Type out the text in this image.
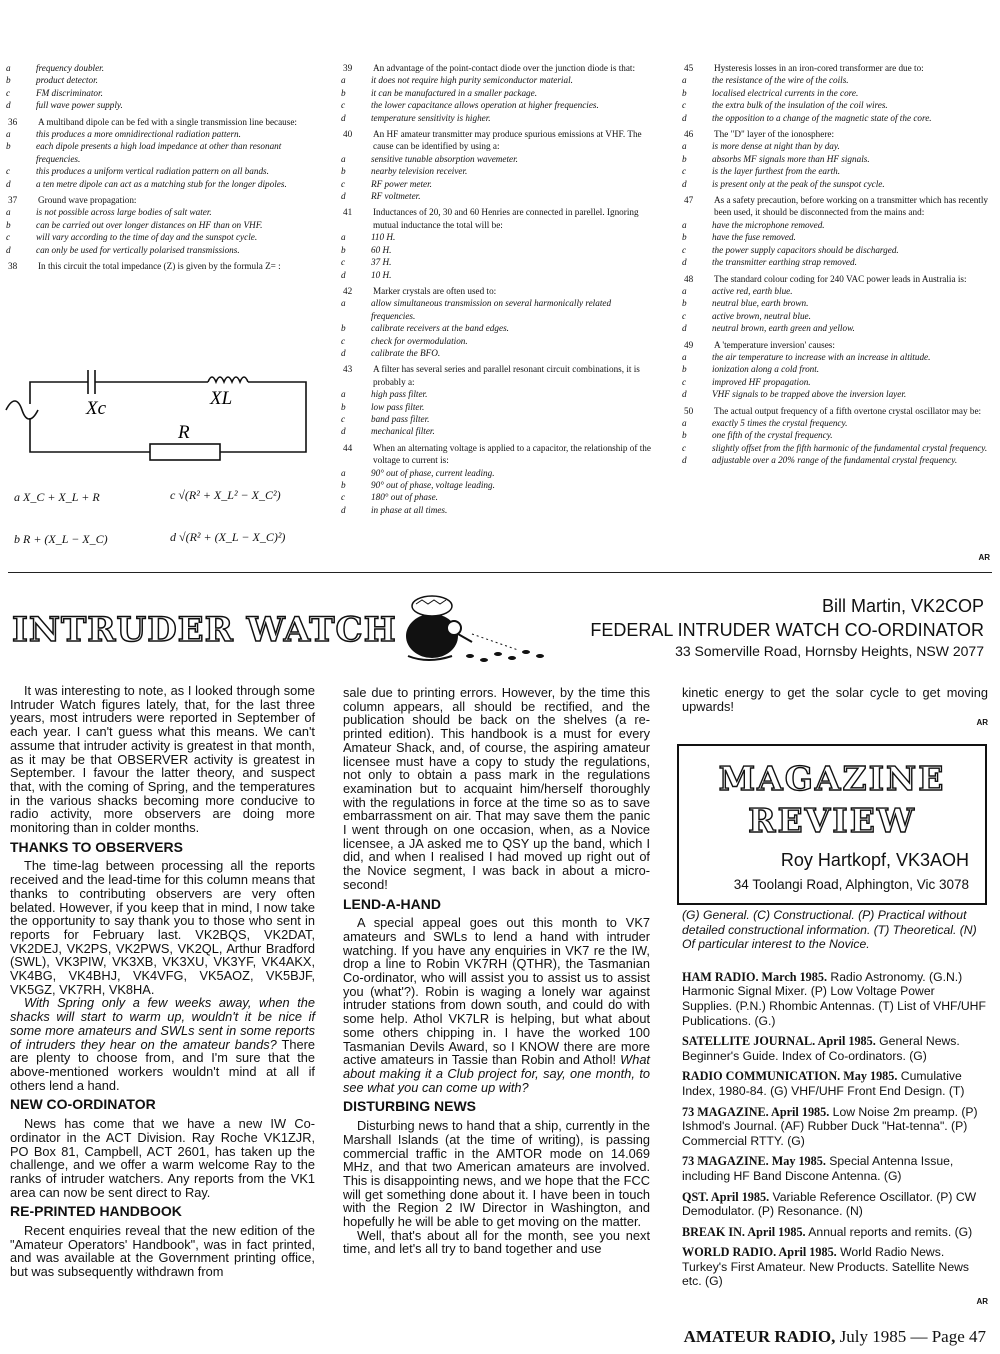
a	frequency doubler.
b	product detector.
c	FM discriminator.
d	full wave power supply.
36	A multiband dipole can be fed with a single transmission line because:
a	this produces a more omnidirectional radiation pattern.
b	each dipole presents a high load impedance at other than resonant frequencies.
c	this produces a uniform vertical radiation pattern on all bands.
d	a ten metre dipole can act as a matching stub for the longer dipoles.
37	Ground wave propagation:
a	is not possible across large bodies of salt water.
b	can be carried out over longer distances on HF than on VHF.
c	will vary according to the time of day and the sunspot cycle.
d	can only be used for vertically polarised transmissions.
38	In this circuit the total impedance (Z) is given by the formula Z= :
39	An advantage of the point-contact diode over the junction diode is that:
a	it does not require high purity semiconductor material.
b	it can be manufactured in a smaller package.
c	the lower capacitance allows operation at higher frequencies.
d	temperature sensitivity is higher.
40	An HF amateur transmitter may produce spurious emissions at VHF. The cause can be identified by using a:
a	sensitive tunable absorption wavemeter.
b	nearby television receiver.
c	RF power meter.
d	RF voltmeter.
41	Inductances of 20, 30 and 60 Henries are connected in parellel. Ignoring mutual inductance the total will be:
a	110 H.
b	60 H.
c	37 H.
d	10 H.
42	Marker crystals are often used to:
a	allow simultaneous transmission on several harmonically related frequencies.
b	calibrate receivers at the band edges.
c	check for overmodulation.
d	calibrate the BFO.
43	A filter has several series and parallel resonant circuit combinations, it is probably a:
a	high pass filter.
b	low pass filter.
c	band pass filter.
d	mechanical filter.
44	When an alternating voltage is applied to a capacitor, the relationship of the voltage to current is:
a	90° out of phase, current leading.
b	90° out of phase, voltage leading.
c	180° out of phase.
d	in phase at all times.
45	Hysteresis losses in an iron-cored transformer are due to:
a	the resistance of the wire of the coils.
b	localised electrical currents in the core.
c	the extra bulk of the insulation of the coil wires.
d	the opposition to a change of the magnetic state of the core.
46	The "D" layer of the ionosphere:
a	is more dense at night than by day.
b	absorbs MF signals more than HF signals.
c	is the layer furthest from the earth.
d	is present only at the peak of the sunspot cycle.
47	As a safety precaution, before working on a transmitter which has recently been used, it should be disconnected from the mains and:
a	have the microphone removed.
b	have the fuse removed.
c	the power supply capacitors should be discharged.
d	the transmitter earthing strap removed.
48	The standard colour coding for 240 VAC power leads in Australia is:
a	active red, earth blue.
b	neutral blue, earth brown.
c	active brown, neutral blue.
d	neutral brown, earth green and yellow.
49	A 'temperature inversion' causes:
a	the air temperature to increase with an increase in altitude.
b	ionization along a cold front.
c	improved HF propagation.
d	VHF signals to be trapped above the inversion layer.
50	The actual output frequency of a fifth overtone crystal oscillator may be:
a	exactly 5 times the crystal frequency.
b	one fifth of the crystal frequency.
c	slightly offset from the fifth harmonic of the fundamental crystal frequency.
d	adjustable over a 20% range of the fundamental crystal frequency.
AR
Xc	XL
R
a X_C + X_L + R	c √(R² + X_L² − X_C²)
b R + (X_L − X_C)	d √(R² + (X_L − X_C)²)
INTRUDER WATCH
Bill Martin, VK2COP
FEDERAL INTRUDER WATCH CO-ORDINATOR
33 Somerville Road, Hornsby Heights, NSW 2077

It was interesting to note, as I looked through some Intruder Watch figures lately, that, for the last three years, most intruders were reported in September of each year. I can't guess what this means. We can't assume that intruder activity is greatest in that month, as it may be that OBSERVER activity is greatest in September. I favour the latter theory, and suspect that, with the coming of Spring, and the temperatures in the various shacks becoming more conducive to radio activity, more observers are doing more monitoring than in colder months.

THANKS TO OBSERVERS

The time-lag between processing all the reports received and the lead-time for this column means that thanks to contributing observers are very often belated. However, if you keep that in mind, I now take the opportunity to say thank you to those who sent in reports for February last. VK2BQS, VK2DAT, VK2DEJ, VK2PS, VK2PWS, VK2QL, Arthur Bradford (SWL), VK3PIW, VK3XB, VK3XU, VK3YF, VK4AKX, VK4BG, VK4BHJ, VK4VFG, VK5AOZ, VK5BJF, VK5GZ, VK7RH, VK8HA.

With Spring only a few weeks away, when the shacks will start to warm up, wouldn't it be nice if some more amateurs and SWLs sent in some reports of intruders they hear on the amateur bands? There are plenty to choose from, and I'm sure that the above-mentioned workers wouldn't mind at all if others lend a hand.

NEW CO-ORDINATOR

News has come that we have a new IW Co-ordinator in the ACT Division. Ray Roche VK1ZJR, PO Box 81, Campbell, ACT 2601, has taken up the challenge, and we offer a warm welcome Ray to the ranks of intruder watchers. Any reports from the VK1 area can now be sent direct to Ray.

RE-PRINTED HANDBOOK

Recent enquiries reveal that the new edition of the "Amateur Operators' Handbook", was in fact printed, and was available at the Government printing office, but was subsequently withdrawn from

sale due to printing errors. However, by the time this column appears, all should be rectified, and the publication should be back on the shelves (a re-printed edition). This handbook is a must for every Amateur Shack, and, of course, the aspiring amateur licensee must have a copy to study the regulations, not only to obtain a pass mark in the regulations examination but to acquaint him/herself thoroughly with the regulations in force at the time so as to save embarrassment on air. That may save them the panic I went through on one occasion, when, as a Novice licensee, a JA asked me to QSY up the band, which I did, and when I realised I had moved up right out of the Novice segment, I was back in about a micro-second!

LEND-A-HAND

A special appeal goes out this month to VK7 amateurs and SWLs to lend a hand with intruder watching. If you have any enquiries in VK7 re the IW, drop a line to Robin VK7RH (QTHR), the Tasmanian Co-ordinator, who will assist you to assist us to assist you (what'?). Robin is waging a lonely war against intruder stations from down south, and could do with some help. Athol VK7LR is helping, but what about some others chipping in. I have the worked 100 Tasmanian Devils Award, so I KNOW there are more active amateurs in Tassie than Robin and Athol! What about making it a Club project for, say, one month, to see what you can come up with?

DISTURBING NEWS

Disturbing news to hand that a ship, currently in the Marshall Islands (at the time of writing), is passing commercial traffic in the AMTOR mode on 14.069 MHz, and that two American amateurs are involved. This is disappointing news, and we hope that the FCC will get something done about it. I have been in touch with the Region 2 IW Director in Washington, and hopefully he will be able to get moving on the matter.

Well, that's about all for the month, see you next time, and let's all try to band together and use

kinetic energy to get the solar cycle to get moving upwards!

AR
MAGAZINE
REVIEW
Roy Hartkopf, VK3AOH
34 Toolangi Road, Alphington, Vic 3078
(G) General. (C) Constructional. (P) Practical without detailed constructional information. (T) Theoretical. (N) Of particular interest to the Novice.
HAM RADIO. March 1985. Radio Astronomy. (G.N.) Harmonic Signal Mixer. (P) Low Voltage Power Supplies. (P.N.) Rhombic Antennas. (T) List of VHF/UHF Publications. (G.)
SATELLITE JOURNAL. April 1985. General News. Beginner's Guide. Index of Co-ordinators. (G)
RADIO COMMUNICATION. May 1985. Cumulative Index, 1980-84. (G) VHF/UHF Front End Design. (T)
73 MAGAZINE. April 1985. Low Noise 2m preamp. (P) Ishmod's Journal. (AF) Rubber Duck "Hat-tenna". (P) Commercial RTTY. (G)
73 MAGAZINE. May 1985. Special Antenna Issue, including HF Band Discone Antenna. (G)
QST. April 1985. Variable Reference Oscillator. (P) CW Demodulator. (P) Resonance. (N)
BREAK IN. April 1985. Annual reports and remits. (G)
WORLD RADIO. April 1985. World Radio News. Turkey's First Amateur. New Products. Satellite News etc. (G)
AR
AMATEUR RADIO, July 1985 — Page 47
